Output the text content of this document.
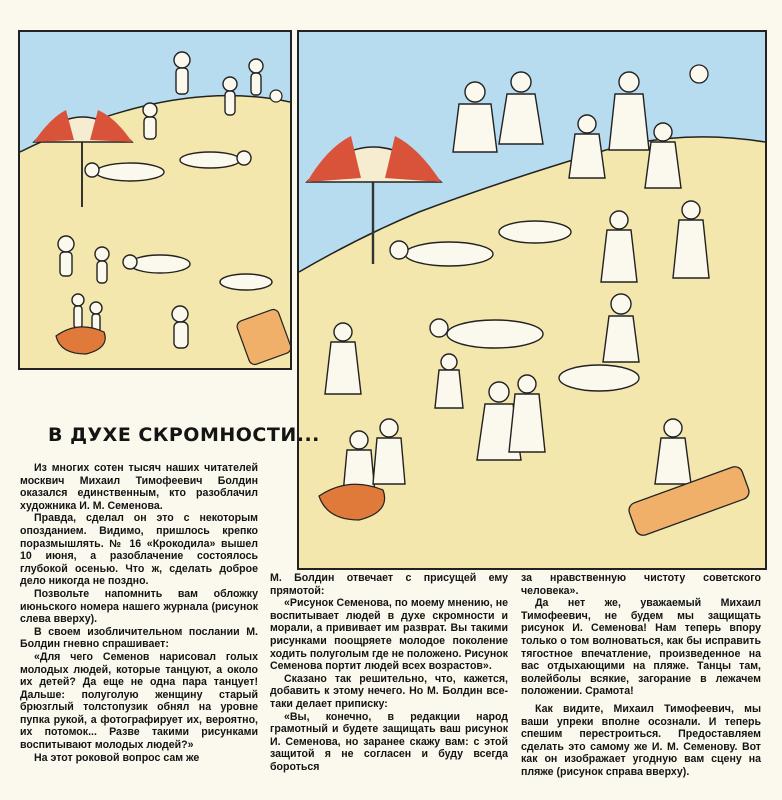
В ДУХЕ СКРОМНОСТИ...

Из многих сотен тысяч наших читателей москвич Михаил Тимофеевич Болдин оказался единственным, кто разоблачил художника И. М. Семенова.

Правда, сделал он это с некоторым опозданием. Видимо, пришлось крепко поразмышлять. № 16 «Крокодила» вышел 10 июня, а разоблачение состоялось глубокой осенью. Что ж, сделать доброе дело никогда не поздно.

Позвольте напомнить вам обложку июньского номера нашего журнала (рисунок слева вверху).

В своем изобличительном послании М. Болдин гневно спрашивает:

«Для чего Семенов нарисовал голых молодых людей, которые танцуют, а около их детей? Да еще не одна пара танцует! Дальше: полуголую женщину старый брюзглый толстопузик обнял на уровне пупка рукой, а фотографирует их, вероятно, их потомок... Разве такими рисунками воспитывают молодых людей?»

На этот роковой вопрос сам же

М. Болдин отвечает с присущей ему прямотой:

«Рисунок Семенова, по моему мнению, не воспитывает людей в духе скромности и морали, а прививает им разврат. Вы такими рисунками поощряете молодое поколение ходить полуголым где не положено. Рисунок Семенова портит людей всех возрастов».

Сказано так решительно, что, кажется, добавить к этому нечего. Но М. Болдин все-таки делает приписку:

«Вы, конечно, в редакции народ грамотный и будете защищать ваш рисунок И. Семенова, но заранее скажу вам: с этой защитой я не согласен и буду всегда бороться

за нравственную чистоту советского человека».

Да нет же, уважаемый Михаил Тимофеевич, не будем мы защищать рисунок И. Семенова! Нам теперь впору только о том волноваться, как бы исправить тягостное впечатление, произведенное на вас отдыхающими на пляже. Танцы там, волейболы всякие, загорание в лежачем положении. Срамота!

Как видите, Михаил Тимофеевич, мы ваши упреки вполне осознали. И теперь спешим перестроиться. Предоставляем сделать это самому же И. М. Семенову. Вот как он изображает угодную вам сцену на пляже (рисунок справа вверху).
